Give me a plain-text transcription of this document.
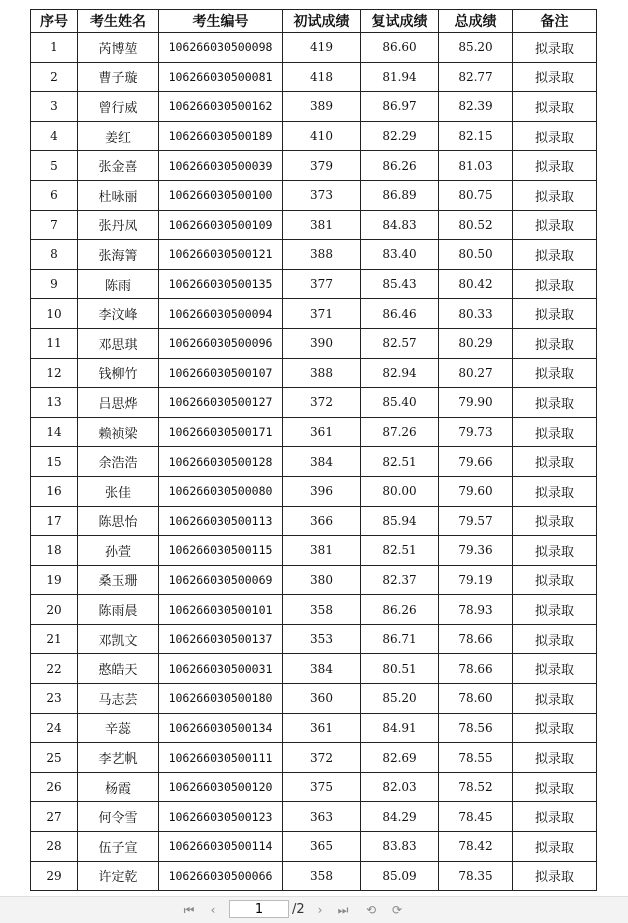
序号	考生姓名	考生编号	初试成绩	复试成绩	总成绩	备注
1	芮博堃	106266030500098	419	86.60	85.20	拟录取
2	曹子璇	106266030500081	418	81.94	82.77	拟录取
3	曾行威	106266030500162	389	86.97	82.39	拟录取
4	姜红	106266030500189	410	82.29	82.15	拟录取
5	张金喜	106266030500039	379	86.26	81.03	拟录取
6	杜咏丽	106266030500100	373	86.89	80.75	拟录取
7	张丹凤	106266030500109	381	84.83	80.52	拟录取
8	张海箐	106266030500121	388	83.40	80.50	拟录取
9	陈雨	106266030500135	377	85.43	80.42	拟录取
10	李汶峰	106266030500094	371	86.46	80.33	拟录取
11	邓思琪	106266030500096	390	82.57	80.29	拟录取
12	钱柳竹	106266030500107	388	82.94	80.27	拟录取
13	吕思烨	106266030500127	372	85.40	79.90	拟录取
14	赖祯梁	106266030500171	361	87.26	79.73	拟录取
15	余浩浩	106266030500128	384	82.51	79.66	拟录取
16	张佳	106266030500080	396	80.00	79.60	拟录取
17	陈思怡	106266030500113	366	85.94	79.57	拟录取
18	孙萱	106266030500115	381	82.51	79.36	拟录取
19	桑玉珊	106266030500069	380	82.37	79.19	拟录取
20	陈雨晨	106266030500101	358	86.26	78.93	拟录取
21	邓凯文	106266030500137	353	86.71	78.66	拟录取
22	憨皓天	106266030500031	384	80.51	78.66	拟录取
23	马志芸	106266030500180	360	85.20	78.60	拟录取
24	辛蕊	106266030500134	361	84.91	78.56	拟录取
25	李艺帆	106266030500111	372	82.69	78.55	拟录取
26	杨霞	106266030500120	375	82.03	78.52	拟录取
27	何令雪	106266030500123	363	84.29	78.45	拟录取
28	伍子宣	106266030500114	365	83.83	78.42	拟录取
29	许定乾	106266030500066	358	85.09	78.35	拟录取
⏮	‹
1	/2	›	⏭	⟲	⟳
